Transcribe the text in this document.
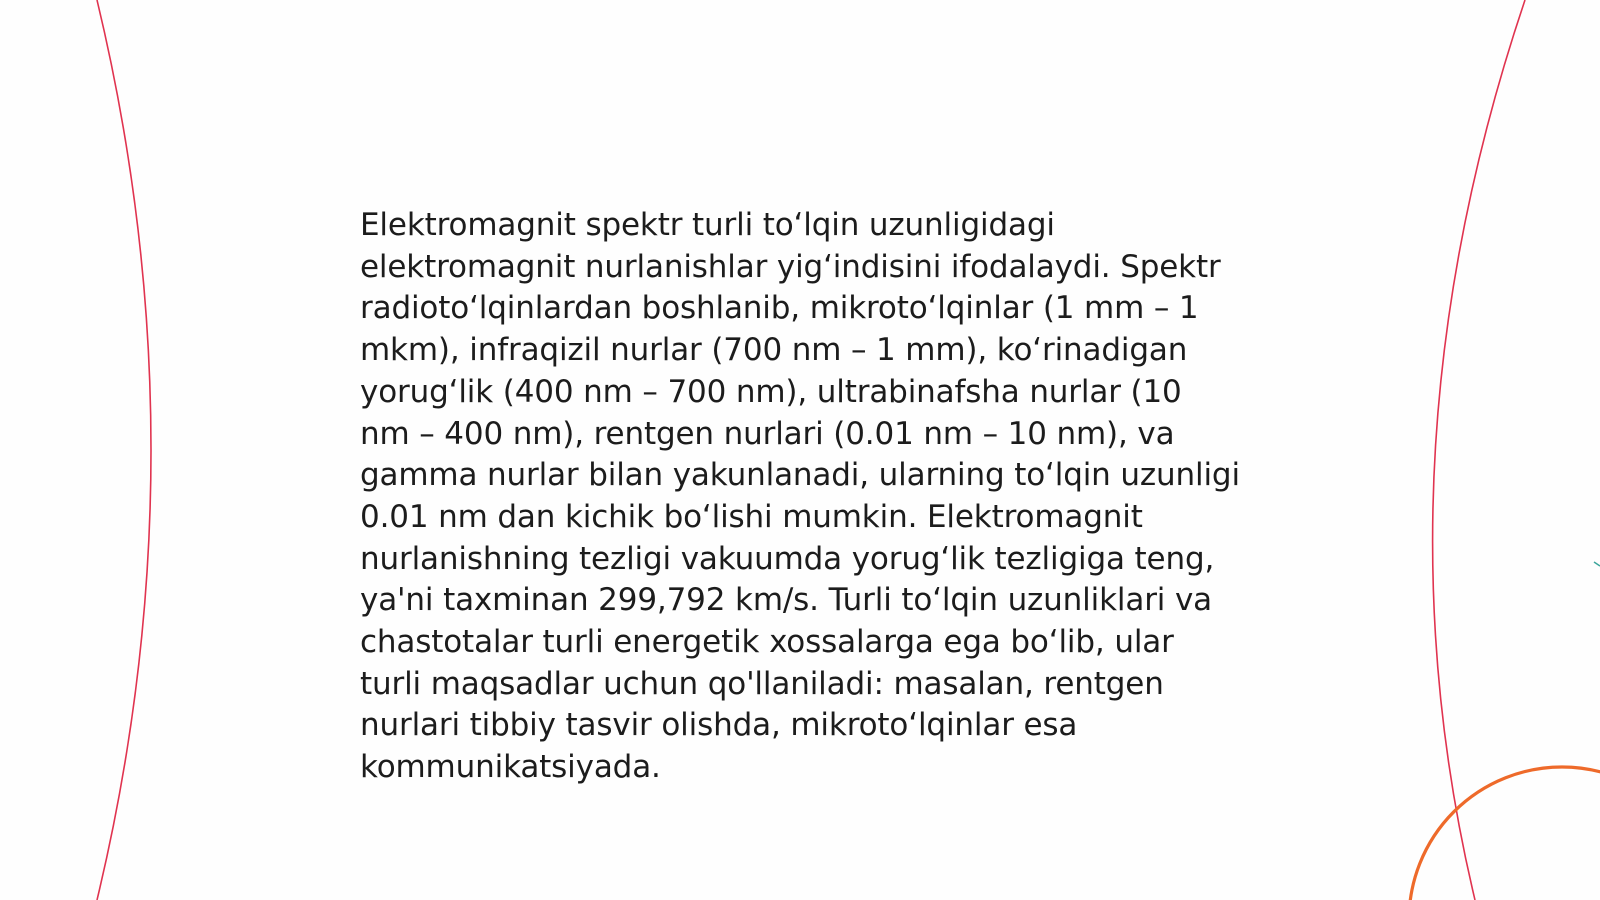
Elektromagnit spektr turli to‘lqin uzunligidagi elektromagnit nurlanishlar yig‘indisini ifodalaydi. Spektr radioto‘lqinlardan boshlanib, mikroto‘lqinlar (1 mm – 1 mkm), infraqizil nurlar (700 nm – 1 mm), ko‘rinadigan yorug‘lik (400 nm – 700 nm), ultrabinafsha nurlar (10 nm – 400 nm), rentgen nurlari (0.01 nm – 10 nm), va gamma nurlar bilan yakunlanadi, ularning to‘lqin uzunligi 0.01 nm dan kichik bo‘lishi mumkin. Elektromagnit nurlanishning tezligi vakuumda yorug‘lik tezligiga teng, ya'ni taxminan 299,792 km/s. Turli to‘lqin uzunliklari va chastotalar turli energetik xossalarga ega bo‘lib, ular turli maqsadlar uchun qo'llaniladi: masalan, rentgen nurlari tibbiy tasvir olishda, mikroto‘lqinlar esa kommunikatsiyada.
